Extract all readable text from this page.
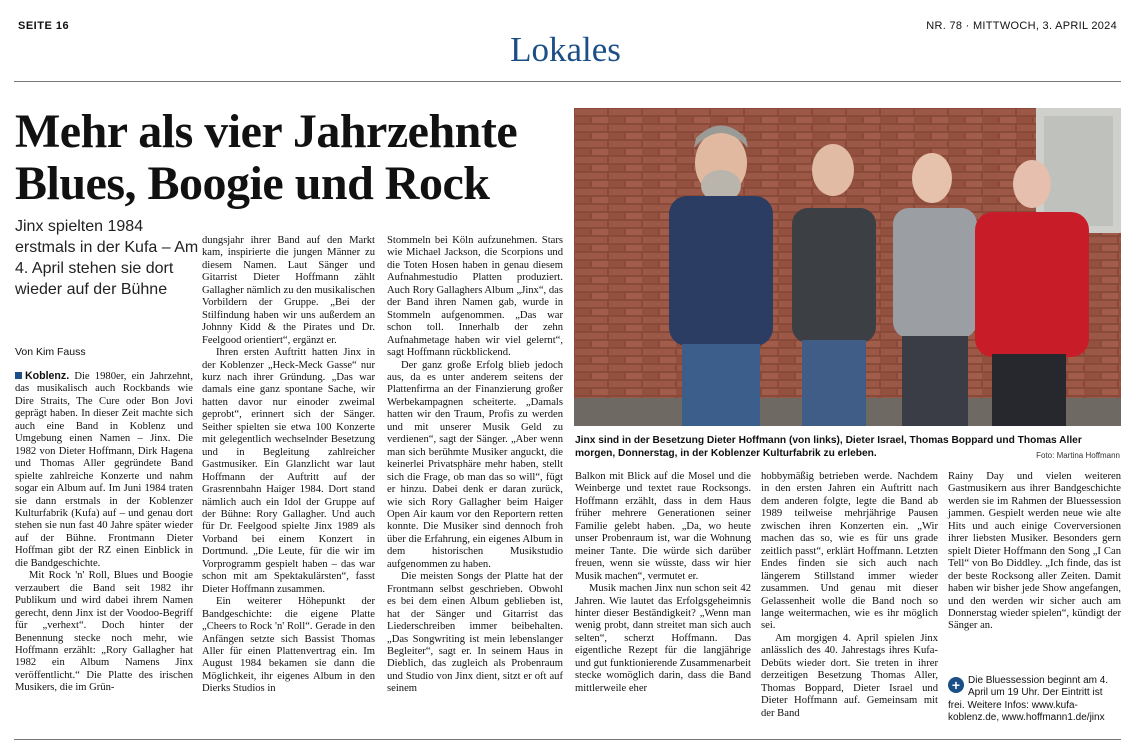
SEITE 16	NR. 78 · MITTWOCH, 3. APRIL 2024
Lokales
Mehr als vier Jahrzehnte
Blues, Boogie und Rock
Jinx spielten 1984 erstmals in der Kufa – Am 4. April stehen sie dort wieder auf der Bühne
Von Kim Fauss

Koblenz. Die 1980er, ein Jahrzehnt, das musikalisch auch Rockbands wie Dire Straits, The Cure oder Bon Jovi geprägt haben. In dieser Zeit machte sich auch eine Band in Koblenz und Umgebung einen Namen – Jinx. Die 1982 von Dieter Hoffmann, Dirk Hagena und Thomas Aller gegründete Band spielte zahlreiche Konzerte und nahm sogar ein Album auf. Im Juni 1984 traten sie dann erstmals in der Koblenzer Kulturfabrik (Kufa) auf – und genau dort stehen sie nun fast 40 Jahre später wieder auf der Bühne. Frontmann Dieter Hoffman gibt der RZ einen Einblick in die Bandgeschichte.

Mit Rock 'n' Roll, Blues und Boogie verzaubert die Band seit 1982 ihr Publikum und wird dabei ihrem Namen gerecht, denn Jinx ist der Voodoo-Begriff für „verhext“. Doch hinter der Benennung stecke noch mehr, wie Hoffmann erzählt: „Rory Gallagher hat 1982 ein Album Namens Jinx veröffentlicht.“ Die Platte des irischen Musikers, die im Grün-

dungsjahr ihrer Band auf den Markt kam, inspirierte die jungen Männer zu diesem Namen. Laut Sänger und Gitarrist Dieter Hoffmann zählt Gallagher nämlich zu den musikalischen Vorbildern der Gruppe. „Bei der Stilfindung haben wir uns außerdem an Johnny Kidd & the Pirates und Dr. Feelgood orientiert“, ergänzt er.

Ihren ersten Auftritt hatten Jinx in der Koblenzer „Heck-Meck Gasse“ nur kurz nach ihrer Gründung. „Das war damals eine ganz spontane Sache, wir hatten davor nur einoder zweimal geprobt“, erinnert sich der Sänger. Seither spielten sie etwa 100 Konzerte mit gelegentlich wechselnder Besetzung und in Begleitung zahlreicher Gastmusiker. Ein Glanzlicht war laut Hoffmann der Auftritt auf der Grasrennbahn Haiger 1984. Dort stand nämlich auch ein Idol der Gruppe auf der Bühne: Rory Gallagher. Und auch für Dr. Feelgood spielte Jinx 1989 als Vorband bei einem Konzert in Dortmund. „Die Leute, für die wir im Vorprogramm gespielt haben – das war schon mit am Spektakulärsten“, fasst Dieter Hoffmann zusammen.

Ein weiterer Höhepunkt der Bandgeschichte: die eigene Platte „Cheers to Rock 'n' Roll“. Gerade in den Anfängen setzte sich Bassist Thomas Aller für einen Plattenvertrag ein. Im August 1984 bekamen sie dann die Möglichkeit, ihr eigenes Album in den Dierks Studios in

Stommeln bei Köln aufzunehmen. Stars wie Michael Jackson, die Scorpions und die Toten Hosen haben in genau diesem Aufnahmestudio Platten produziert. Auch Rory Gallaghers Album „Jinx“, das der Band ihren Namen gab, wurde in Stommeln aufgenommen. „Das war schon toll. Innerhalb der zehn Aufnahmetage haben wir viel gelernt“, sagt Hoffmann rückblickend.

Der ganz große Erfolg blieb jedoch aus, da es unter anderem seitens der Plattenfirma an der Finanzierung großer Werbekampagnen scheiterte. „Damals hatten wir den Traum, Profis zu werden und mit unserer Musik Geld zu verdienen“, sagt der Sänger. „Aber wenn man sich berühmte Musiker anguckt, die keinerlei Privatsphäre mehr haben, stellt sich die Frage, ob man das so will“, fügt er hinzu. Dabei denk er daran zurück, wie sich Rory Gallagher beim Haiger Open Air kaum vor den Reportern retten konnte. Die Musiker sind dennoch froh über die Erfahrung, ein eigenes Album in dem historischen Musikstudio aufgenommen zu haben.

Die meisten Songs der Platte hat der Frontmann selbst geschrieben. Obwohl es bei dem einen Album geblieben ist, hat der Sänger und Gitarrist das Liederschreiben immer beibehalten. „Das Songwriting ist mein lebenslanger Begleiter“, sagt er. In seinem Haus in Dieblich, das zugleich als Probenraum und Studio von Jinx dient, sitzt er oft auf seinem

Jinx sind in der Besetzung Dieter Hoffmann (von links), Dieter Israel, Thomas Boppard und Thomas Aller morgen, Donnerstag, in der Koblenzer Kulturfabrik zu erleben.	Foto: Martina Hoffmann

Balkon mit Blick auf die Mosel und die Weinberge und textet raue Rocksongs. Hoffmann erzählt, dass in dem Haus früher mehrere Generationen seiner Familie gelebt haben. „Da, wo heute unser Probenraum ist, war die Wohnung meiner Tante. Die würde sich darüber freuen, wenn sie wüsste, dass wir hier Musik machen“, vermutet er.

Musik machen Jinx nun schon seit 42 Jahren. Wie lautet das Erfolgsgeheimnis hinter dieser Beständigkeit? „Wenn man wenig probt, dann streitet man sich auch selten“, scherzt Hoffmann. Das eigentliche Rezept für die langjährige und gut funktionierende Zusammenarbeit stecke womöglich darin, dass die Band mittlerweile eher

hobbymäßig betrieben werde. Nachdem in den ersten Jahren ein Auftritt nach dem anderen folgte, legte die Band ab 1989 teilweise mehrjährige Pausen zwischen ihren Konzerten ein. „Wir machen das so, wie es für uns grade zeitlich passt“, erklärt Hoffmann. Letzten Endes finden sie sich auch nach längerem Stillstand immer wieder zusammen. Und genau mit dieser Gelassenheit wolle die Band noch so lange weitermachen, wie es ihr möglich sei.

Am morgigen 4. April spielen Jinx anlässlich des 40. Jahrestags ihres Kufa-Debüts wieder dort. Sie treten in ihrer derzeitigen Besetzung Thomas Aller, Thomas Boppard, Dieter Israel und Dieter Hoffmann auf. Gemeinsam mit der Band

Rainy Day und vielen weiteren Gastmusikern aus ihrer Bandgeschichte werden sie im Rahmen der Bluessession jammen. Gespielt werden neue wie alte Hits und auch einige Coverversionen ihrer liebsten Musiker. Besonders gern spielt Dieter Hoffmann den Song „I Can Tell“ von Bo Diddley. „Ich finde, das ist der beste Rocksong aller Zeiten. Damit haben wir bisher jede Show angefangen, und den werden wir sicher auch am Donnerstag wieder spielen“, kündigt der Sänger an.

+ Die Bluessession beginnt am 4. April um 19 Uhr. Der Eintritt ist frei. Weitere Infos: www.kufa-koblenz.de, www.hoffmann1.de/jinx
